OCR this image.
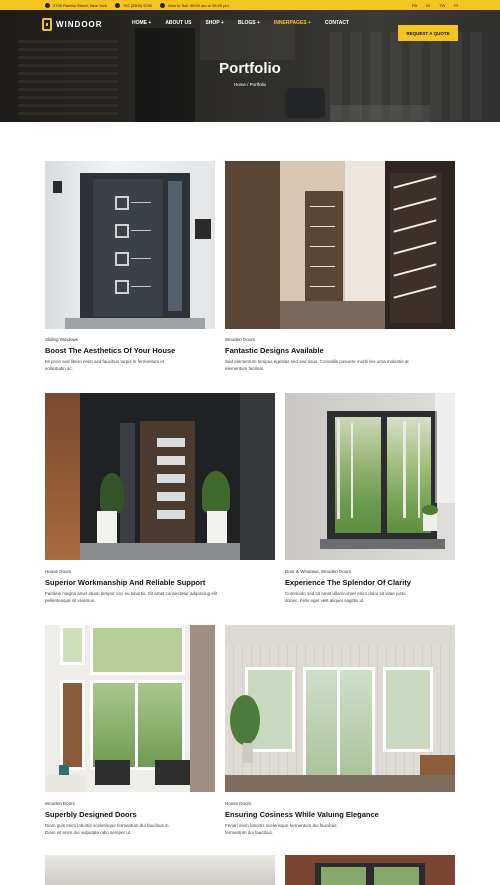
2705 Rambo Street, New York	+02 (2500) 6789	Mon to Sat: 09:00 am to 05:00 pm	FB IN TW PI
WINDOOR	HOME +	ABOUT US	SHOP +	BLOGS +	INNERPAGES +	CONTACT
REQUEST A QUOTE
Portfolio
Home / Portfolio
Sliding Windows
Boost The Aesthetics Of Your House
Mi proin sed libero enim sed faucibus turpis in fermentum et
sollicitudin ac.
Wooden Doors
Fantastic Designs Available
Sed elementum tempus egestas sed sed risus. Convallis posuere morbi leo urna molestie at
elementum facilisis.
House Doors
Superior Workmanship And Reliable Support
Facilisis magna amet etiam tempor orci eu lobortis. Sit amet consectetur adipiscing elit
pellentesque sit vivamus.
Door & Windows, Wooden Doors
Experience The Splendor Of Clarity
Commodo sed sit amet ullamcorper enim dolor sit vitae justo
donec. Felis eget velit aliquet sagittis id.
Wooden Doors
Superbly Designed Doors
Diam quis enim lobortis scelerisque fermentum dui faucibus in.
Diam sit enim dui vulputate odio semper ut.
House Doors
Ensuring Cosiness While Valuing Elegance
Fenari enim lobortis scelerisque fermentum dui faucibus
fermentum dui faucibus.
